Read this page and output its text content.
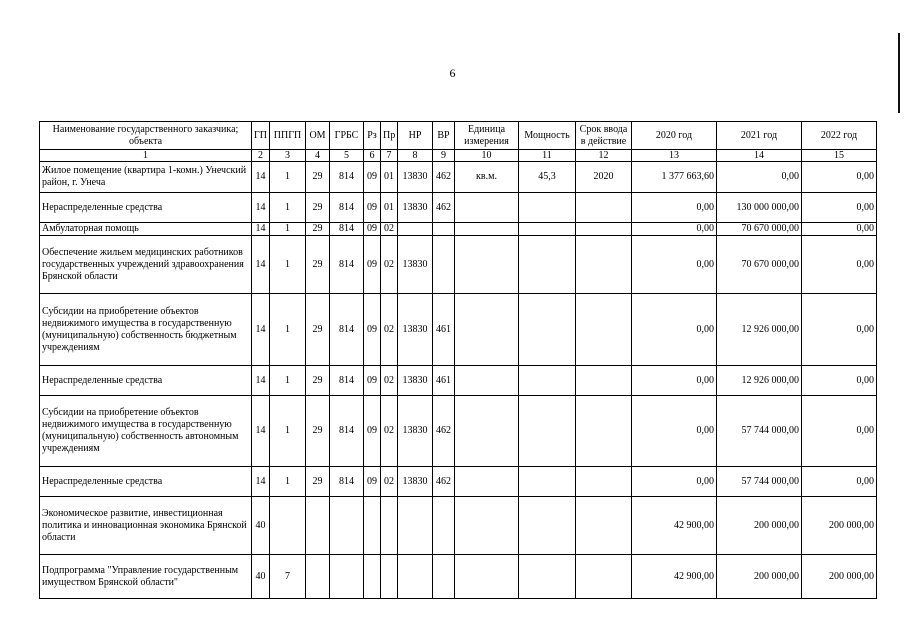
6
Наименование государственного заказчика; объекта	ГП	ППГП	ОМ	ГРБС	Рз	Пр	НР	ВР	Единица измерения	Мощность	Срок ввода в действие	2020 год	2021 год	2022 год
1	2	3	4	5	6	7	8	9	10	11	12	13	14	15
Жилое помещение (квартира 1-комн.) Унечский район, г. Унеча	14	1	29	814	09	01	13830	462	кв.м.	45,3	2020	1 377 663,60	0,00	0,00
Нераспределенные средства	14	1	29	814	09	01	13830	462				0,00	130 000 000,00	0,00
Амбулаторная помощь	14	1	29	814	09	02						0,00	70 670 000,00	0,00
Обеспечение жильем медицинских работников государственных учреждений здравоохранения Брянской области	14	1	29	814	09	02	13830					0,00	70 670 000,00	0,00
Субсидии на приобретение объектов недвижимого имущества в государственную (муниципальную) собственность бюджетным учреждениям	14	1	29	814	09	02	13830	461				0,00	12 926 000,00	0,00
Нераспределенные средства	14	1	29	814	09	02	13830	461				0,00	12 926 000,00	0,00
Субсидии на приобретение объектов недвижимого имущества в государственную (муниципальную) собственность автономным учреждениям	14	1	29	814	09	02	13830	462				0,00	57 744 000,00	0,00
Нераспределенные средства	14	1	29	814	09	02	13830	462				0,00	57 744 000,00	0,00
Экономическое развитие, инвестиционная политика и инновационная экономика Брянской области	40											42 900,00	200 000,00	200 000,00
Подпрограмма "Управление государственным имуществом Брянской области"	40	7										42 900,00	200 000,00	200 000,00
